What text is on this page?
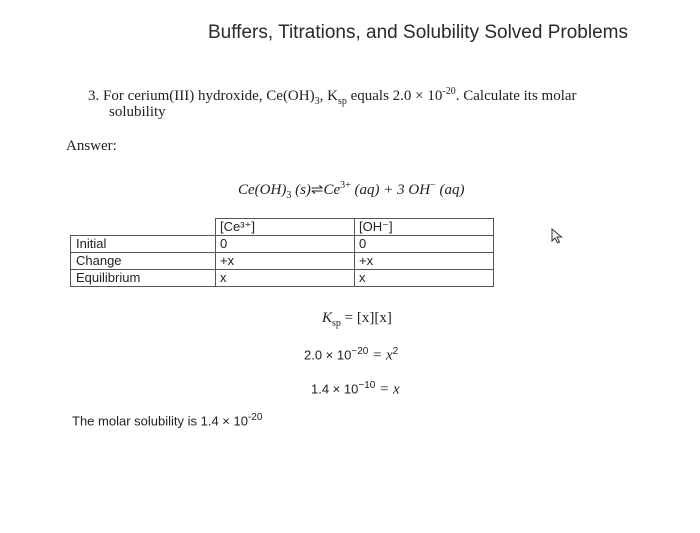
Buffers, Titrations, and Solubility Solved Problems
3. For cerium(III) hydroxide, $Ce(OH)_3$, $K_{sp}$ equals $2.0 \times 10^{-20}$. Calculate its molar
solubility
Answer:
$Ce(OH)_3$ $(s)\rightleftharpoons Ce^{3+}$ (aq) + 3 OH− (aq)
	[Ce³⁺]	[OH⁻]
Initial	0	0
Change	+x	+x
Equilibrium	x	x
$K_{sp} = [x][x]$
$2.0 \times 10^{-20} = x^2$
$1.4 \times 10^{-10} = x$
The molar solubility is $1.4 \times 10^{-20}$
